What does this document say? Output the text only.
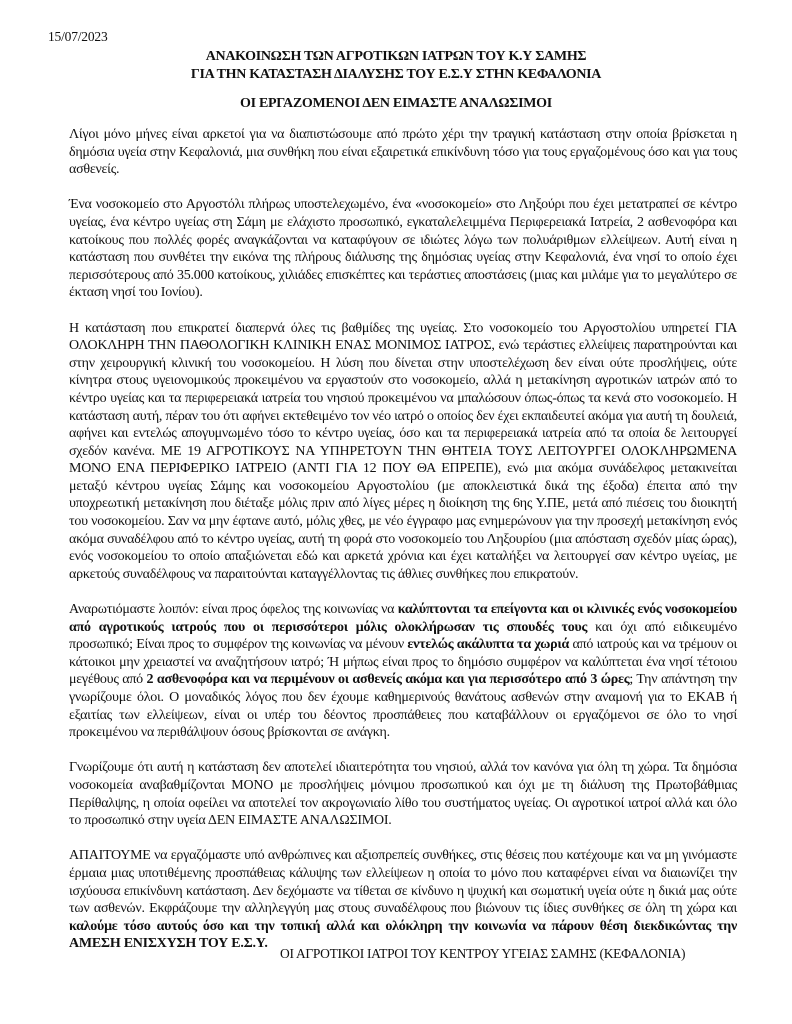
15/07/2023
ΑΝΑΚΟΙΝΩΣΗ ΤΩΝ ΑΓΡΟΤΙΚΩΝ ΙΑΤΡΩΝ ΤΟΥ Κ.Υ ΣΑΜΗΣ
ΓΙΑ ΤΗΝ ΚΑΤΑΣΤΑΣΗ ΔΙΑΛΥΣΗΣ ΤΟΥ Ε.Σ.Υ ΣΤΗΝ ΚΕΦΑΛΟΝΙΑ
ΟΙ ΕΡΓΑΖΟΜΕΝΟΙ ΔΕΝ ΕΙΜΑΣΤΕ ΑΝΑΛΩΣΙΜΟΙ

Λίγοι μόνο μήνες είναι αρκετοί για να διαπιστώσουμε από πρώτο χέρι την τραγική κατάσταση στην οποία βρίσκεται η δημόσια υγεία στην Κεφαλονιά, μια συνθήκη που είναι εξαιρετικά επικίνδυνη τόσο για τους εργαζομένους όσο και για τους ασθενείς.

Ένα νοσοκομείο στο Αργοστόλι πλήρως υποστελεχωμένο, ένα «νοσοκομείο» στο Ληξούρι που έχει μετατραπεί σε κέντρο υγείας, ένα κέντρο υγείας στη Σάμη με ελάχιστο προσωπικό, εγκαταλελειμμένα Περιφερειακά Ιατρεία, 2 ασθενοφόρα και κατοίκους που πολλές φορές αναγκάζονται να καταφύγουν σε ιδιώτες λόγω των πολυάριθμων ελλείψεων. Αυτή είναι η κατάσταση που συνθέτει την εικόνα της πλήρους διάλυσης της δημόσιας υγείας στην Κεφαλονιά, ένα νησί το οποίο έχει περισσότερους από 35.000 κατοίκους, χιλιάδες επισκέπτες και τεράστιες αποστάσεις (μιας και μιλάμε για το μεγαλύτερο σε έκταση νησί του Ιονίου).

Η κατάσταση που επικρατεί διαπερνά όλες τις βαθμίδες της υγείας. Στο νοσοκομείο του Αργοστολίου υπηρετεί ΓΙΑ ΟΛΟΚΛΗΡΗ ΤΗΝ ΠΑΘΟΛΟΓΙΚΗ ΚΛΙΝΙΚΗ ΕΝΑΣ ΜΟΝΙΜΟΣ ΙΑΤΡΟΣ, ενώ τεράστιες ελλείψεις παρατηρούνται και στην χειρουργική κλινική του νοσοκομείου. Η λύση που δίνεται στην υποστελέχωση δεν είναι ούτε προσλήψεις, ούτε κίνητρα στους υγειονομικούς προκειμένου να εργαστούν στο νοσοκομείο, αλλά η μετακίνηση αγροτικών ιατρών από το κέντρο υγείας και τα περιφερειακά ιατρεία του νησιού προκειμένου να μπαλώσουν όπως-όπως τα κενά στο νοσοκομείο. Η κατάσταση αυτή, πέραν του ότι αφήνει εκτεθειμένο τον νέο ιατρό ο οποίος δεν έχει εκπαιδευτεί ακόμα για αυτή τη δουλειά, αφήνει και εντελώς απογυμνωμένο τόσο το κέντρο υγείας, όσο και τα περιφερειακά ιατρεία από τα οποία δε λειτουργεί σχεδόν κανένα. ΜΕ 19 ΑΓΡΟΤΙΚΟΥΣ ΝΑ ΥΠΗΡΕΤΟΥΝ ΤΗΝ ΘΗΤΕΙΑ ΤΟΥΣ ΛΕΙΤΟΥΡΓΕΙ ΟΛΟΚΛΗΡΩΜΕΝΑ ΜΟΝΟ ΕΝΑ ΠΕΡΙΦΕΡΙΚΟ ΙΑΤΡΕΙΟ (ΑΝΤΙ ΓΙΑ 12 ΠΟΥ ΘΑ ΕΠΡΕΠΕ), ενώ μια ακόμα συνάδελφος μετακινείται μεταξύ κέντρου υγείας Σάμης και νοσοκομείου Αργοστολίου (με αποκλειστικά δικά της έξοδα) έπειτα από την υποχρεωτική μετακίνηση που διέταξε μόλις πριν από λίγες μέρες η διοίκηση της 6ης Υ.ΠΕ, μετά από πιέσεις του διοικητή του νοσοκομείου. Σαν να μην έφτανε αυτό, μόλις χθες, με νέο έγγραφο μας ενημερώνουν για την προσεχή μετακίνηση ενός ακόμα συναδέλφου από το κέντρο υγείας, αυτή τη φορά στο νοσοκομείο του Ληξουρίου (μια απόσταση σχεδόν μίας ώρας), ενός νοσοκομείου το οποίο απαξιώνεται εδώ και αρκετά χρόνια και έχει καταλήξει να λειτουργεί σαν κέντρο υγείας, με αρκετούς συναδέλφους να παραιτούνται καταγγέλλοντας τις άθλιες συνθήκες που επικρατούν.

Αναρωτιόμαστε λοιπόν: είναι προς όφελος της κοινωνίας να καλύπτονται τα επείγοντα και οι κλινικές ενός νοσοκομείου από αγροτικούς ιατρούς που οι περισσότεροι μόλις ολοκλήρωσαν τις σπουδές τους και όχι από ειδικευμένο προσωπικό; Είναι προς το συμφέρον της κοινωνίας να μένουν εντελώς ακάλυπτα τα χωριά από ιατρούς και να τρέμουν οι κάτοικοι μην χρειαστεί να αναζητήσουν ιατρό; Ή μήπως είναι προς το δημόσιο συμφέρον να καλύπτεται ένα νησί τέτοιου μεγέθους από 2 ασθενοφόρα και να περιμένουν οι ασθενείς ακόμα και για περισσότερο από 3 ώρες; Την απάντηση την γνωρίζουμε όλοι. Ο μοναδικός λόγος που δεν έχουμε καθημερινούς θανάτους ασθενών στην αναμονή για το ΕΚΑΒ ή εξαιτίας των ελλείψεων, είναι οι υπέρ του δέοντος προσπάθειες που καταβάλλουν οι εργαζόμενοι σε όλο το νησί προκειμένου να περιθάλψουν όσους βρίσκονται σε ανάγκη.

Γνωρίζουμε ότι αυτή η κατάσταση δεν αποτελεί ιδιαιτερότητα του νησιού, αλλά τον κανόνα για όλη τη χώρα. Τα δημόσια νοσοκομεία αναβαθμίζονται ΜΟΝΟ με προσλήψεις μόνιμου προσωπικού και όχι με τη διάλυση της Πρωτοβάθμιας Περίθαλψης, η οποία οφείλει να αποτελεί τον ακρογωνιαίο λίθο του συστήματος υγείας. Οι αγροτικοί ιατροί αλλά και όλο το προσωπικό στην υγεία ΔΕΝ ΕΙΜΑΣΤΕ ΑΝΑΛΩΣΙΜΟΙ.

ΑΠΑΙΤΟΥΜΕ να εργαζόμαστε υπό ανθρώπινες και αξιοπρεπείς συνθήκες, στις θέσεις που κατέχουμε και να μη γινόμαστε έρμαια μιας υποτιθέμενης προσπάθειας κάλυψης των ελλείψεων η οποία το μόνο που καταφέρνει είναι να διαιωνίζει την ισχύουσα επικίνδυνη κατάσταση. Δεν δεχόμαστε να τίθεται σε κίνδυνο η ψυχική και σωματική υγεία ούτε η δικιά μας ούτε των ασθενών. Εκφράζουμε την αλληλεγγύη μας στους συναδέλφους που βιώνουν τις ίδιες συνθήκες σε όλη τη χώρα και καλούμε τόσο αυτούς όσο και την τοπική αλλά και ολόκληρη την κοινωνία να πάρουν θέση διεκδικώντας την ΑΜΕΣΗ ΕΝΙΣΧΥΣΗ ΤΟΥ Ε.Σ.Υ.

ΟΙ ΑΓΡΟΤΙΚΟΙ ΙΑΤΡΟΙ ΤΟΥ ΚΕΝΤΡΟΥ ΥΓΕΙΑΣ ΣΑΜΗΣ (ΚΕΦΑΛΟΝΙΑ)
